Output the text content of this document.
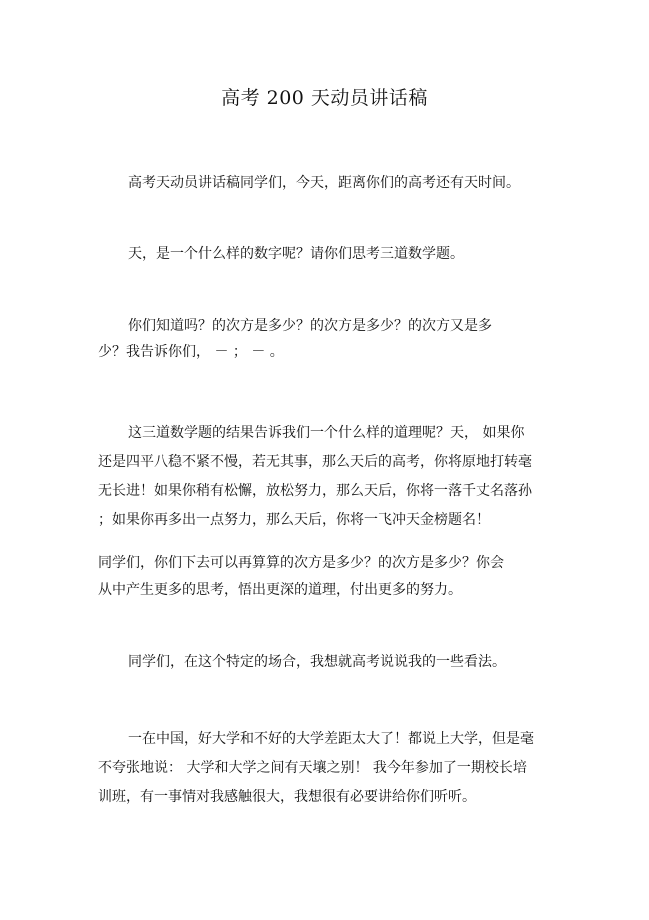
高考 200 天动员讲话稿
高考天动员讲话稿同学们，今天，距离你们的高考还有天时间。
天，是一个什么样的数字呢？请你们思考三道数学题。
你们知道吗？的次方是多少？的次方是多少？的次方又是多
少？我告诉你们， － ； － 。
这三道数学题的结果告诉我们一个什么样的道理呢？天， 如果你
还是四平八稳不紧不慢，若无其事，那么天后的高考，你将原地打转毫
无长进！如果你稍有松懈，放松努力，那么天后，你将一落千丈名落孙
；如果你再多出一点努力，那么天后，你将一飞冲天金榜题名！
同学们，你们下去可以再算算的次方是多少？的次方是多少？你会
从中产生更多的思考，悟出更深的道理，付出更多的努力。
同学们，在这个特定的场合，我想就高考说说我的一些看法。
一在中国，好大学和不好的大学差距太大了！都说上大学，但是毫
不夸张地说： 大学和大学之间有天壤之别！ 我今年参加了一期校长培
训班，有一事情对我感触很大，我想很有必要讲给你们听听。
